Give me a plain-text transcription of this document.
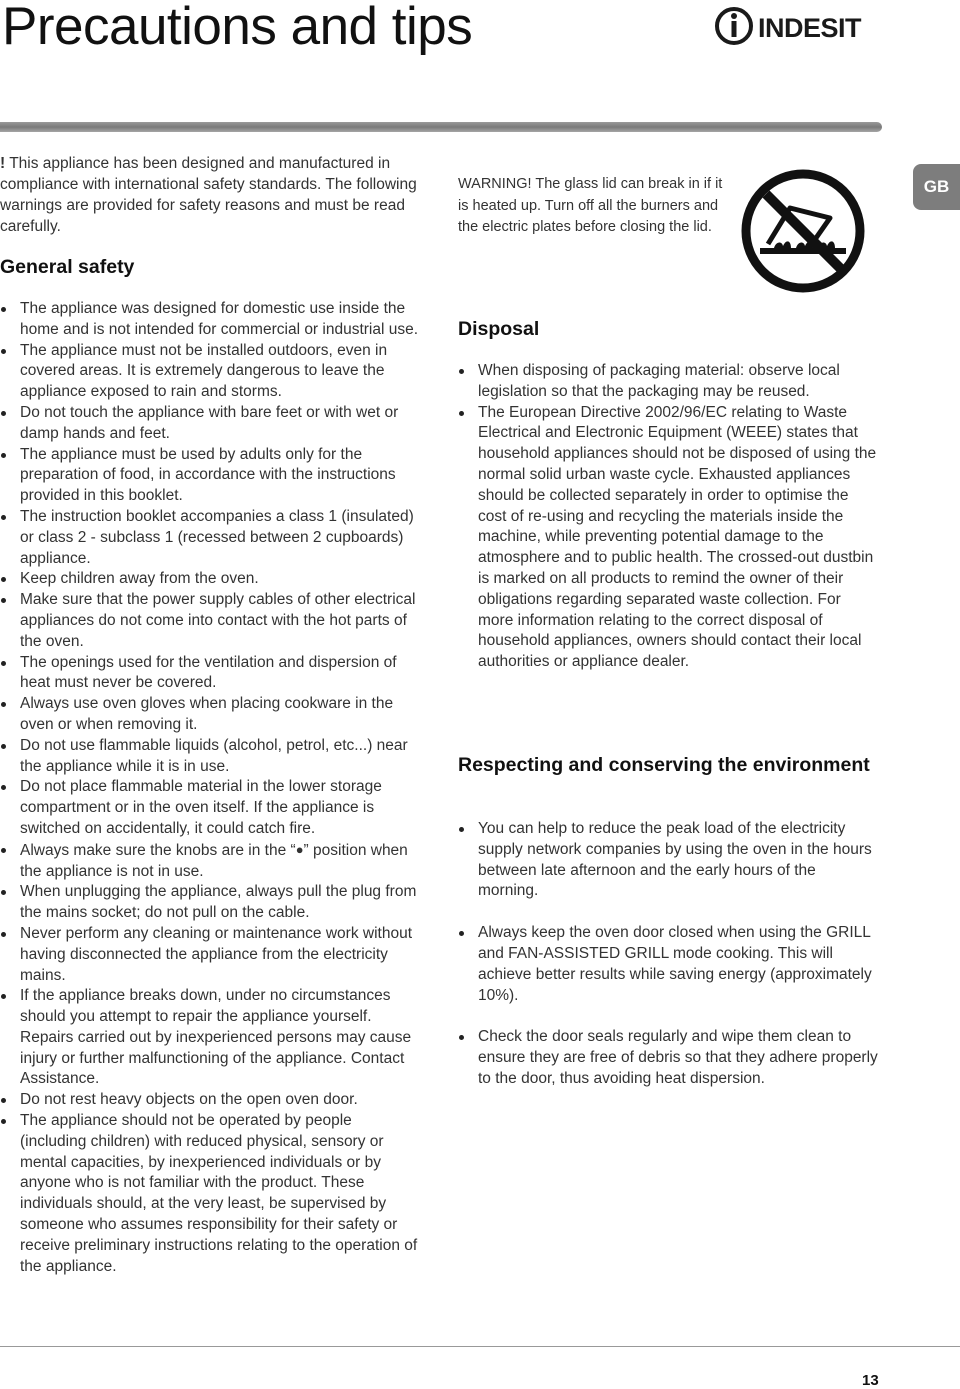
Precautions and tips	INDESIT
GB

! This appliance has been designed and manufactured in compliance with international safety standards. The following warnings are provided for safety reasons and must be read carefully.

General safety
The appliance was designed for domestic use inside the home and is not intended for commercial or industrial use.
The appliance must not be installed outdoors, even in covered areas. It is extremely dangerous to leave the appliance exposed to rain and storms.
Do not touch the appliance with bare feet or with wet or damp hands and feet.
The appliance must be used by adults only for the preparation of food, in accordance with the instructions provided in this booklet.
The instruction booklet accompanies a class 1 (insulated) or class 2 - subclass 1 (recessed between 2 cupboards) appliance.
Keep children away from the oven.
Make sure that the power supply cables of other electrical appliances do not come into contact with the hot parts of the oven.
The openings used for the ventilation and dispersion of heat must never be covered.
Always use oven gloves when placing cookware in the oven or when removing it.
Do not use flammable liquids (alcohol, petrol, etc...) near the appliance while it is in use.
Do not place flammable material in the lower storage compartment or in the oven itself. If the appliance is switched on accidentally, it could catch fire.
Always make sure the knobs are in the “●” position when the appliance is not in use.
When unplugging the appliance, always pull the plug from the mains socket; do not pull on the cable.
Never perform any cleaning or maintenance work without having disconnected the appliance from the electricity mains.
If the appliance breaks down, under no circumstances should you attempt to repair the appliance yourself. Repairs carried out by inexperienced persons may cause injury or further malfunctioning of the appliance. Contact Assistance.
Do not rest heavy objects on the open oven door.
The appliance should not be operated by people (including children) with reduced physical, sensory or mental capacities, by inexperienced individuals or by anyone who is not familiar with the product. These individuals should, at the very least, be supervised by someone who assumes responsibility for their safety or receive preliminary instructions relating to the operation of the appliance.

WARNING! The glass lid can break in if it is heated up. Turn off all the burners and the electric plates before closing the lid.

Disposal
When disposing of packaging material: observe local legislation so that the packaging may be reused.
The European Directive 2002/96/EC relating to Waste Electrical and Electronic Equipment (WEEE) states that household appliances should not be disposed of using the normal solid urban waste cycle. Exhausted appliances should be collected separately in order to optimise the cost of re-using and recycling the materials inside the machine, while preventing potential damage to the atmosphere and to public health. The crossed-out dustbin is marked on all products to remind the owner of their obligations regarding separated waste collection. For more information relating to the correct disposal of household appliances, owners should contact their local authorities or appliance dealer.
Respecting and conserving the environment
You can help to reduce the peak load of the electricity supply network companies by using the oven in the hours between late afternoon and the early hours of the morning.
Always keep the oven door closed when using the GRILL and FAN-ASSISTED GRILL mode cooking. This will achieve better results while saving energy (approximately 10%).
Check the door seals regularly and wipe them clean to ensure they are free of debris so that they adhere properly to the door, thus avoiding heat dispersion.
13
